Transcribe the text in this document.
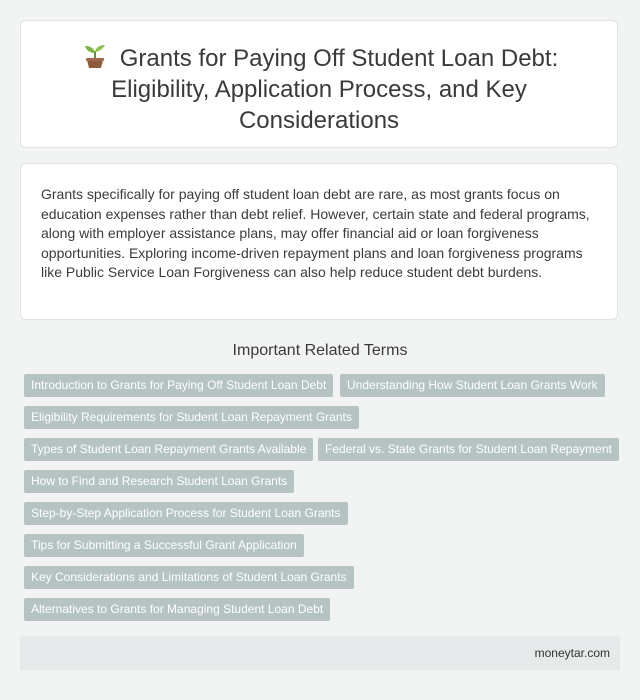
Grants for Paying Off Student Loan Debt: Eligibility, Application Process, and Key Considerations

Grants specifically for paying off student loan debt are rare, as most grants focus on education expenses rather than debt relief. However, certain state and federal programs, along with employer assistance plans, may offer financial aid or loan forgiveness opportunities. Exploring income-driven repayment plans and loan forgiveness programs like Public Service Loan Forgiveness can also help reduce student debt burdens.

Important Related Terms
Introduction to Grants for Paying Off Student Loan Debt	Understanding How Student Loan Grants Work
Eligibility Requirements for Student Loan Repayment Grants
Types of Student Loan Repayment Grants Available	Federal vs. State Grants for Student Loan Repayment
How to Find and Research Student Loan Grants
Step-by-Step Application Process for Student Loan Grants
Tips for Submitting a Successful Grant Application
Key Considerations and Limitations of Student Loan Grants
Alternatives to Grants for Managing Student Loan Debt
moneytar.com
